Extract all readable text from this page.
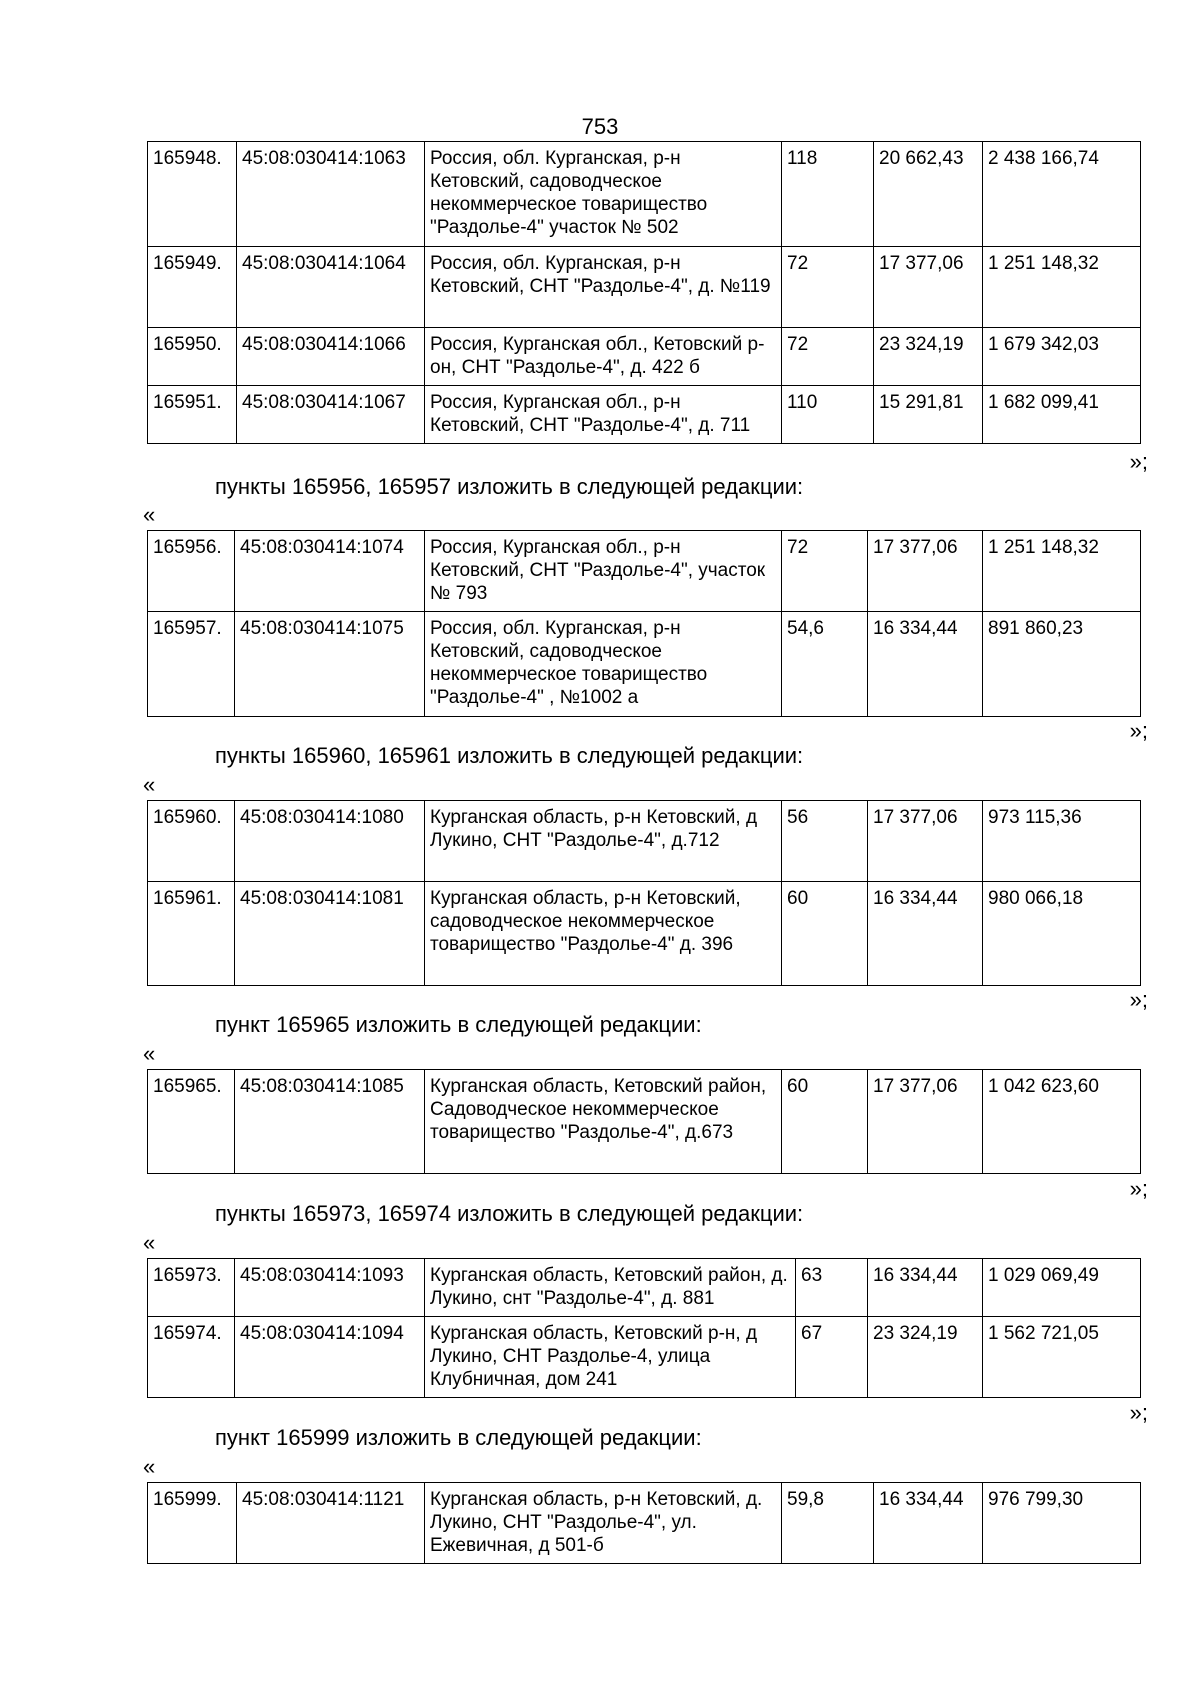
753
165948.	45:08:030414:1063	Россия, обл. Курганская, р-н Кетовский, садоводческое некоммерческое товарищество "Раздолье-4" участок № 502	118	20 662,43	2 438 166,74
165949.	45:08:030414:1064	Россия, обл. Курганская, р-н Кетовский, СНТ "Раздолье-4", д. №119	72	17 377,06	1 251 148,32
165950.	45:08:030414:1066	Россия, Курганская обл., Кетовский р-он, СНТ "Раздолье-4", д. 422 б	72	23 324,19	1 679 342,03
165951.	45:08:030414:1067	Россия, Курганская обл., р-н Кетовский, СНТ "Раздолье-4", д. 711	110	15 291,81	1 682 099,41
»;
пункты 165956, 165957 изложить в следующей редакции:
«
165956.	45:08:030414:1074	Россия, Курганская обл., р-н Кетовский, СНТ "Раздолье-4", участок № 793	72	17 377,06	1 251 148,32
165957.	45:08:030414:1075	Россия, обл. Курганская, р-н Кетовский, садоводческое некоммерческое товарищество "Раздолье-4" , №1002 а	54,6	16 334,44	891 860,23
»;
пункты 165960, 165961 изложить в следующей редакции:
«
165960.	45:08:030414:1080	Курганская область, р-н Кетовский, д Лукино, СНТ "Раздолье-4", д.712	56	17 377,06	973 115,36
165961.	45:08:030414:1081	Курганская область, р-н Кетовский, садоводческое некоммерческое товарищество "Раздолье-4" д. 396	60	16 334,44	980 066,18
»;
пункт 165965 изложить в следующей редакции:
«
165965.	45:08:030414:1085	Курганская область, Кетовский район, Садоводческое некоммерческое товарищество "Раздолье-4", д.673	60	17 377,06	1 042 623,60
»;
пункты 165973, 165974 изложить в следующей редакции:
«
165973.	45:08:030414:1093	Курганская область, Кетовский район, д. Лукино, снт "Раздолье-4", д. 881	63	16 334,44	1 029 069,49
165974.	45:08:030414:1094	Курганская область, Кетовский р-н, д Лукино, СНТ Раздолье-4, улица Клубничная, дом 241	67	23 324,19	1 562 721,05
»;
пункт 165999 изложить в следующей редакции:
«
165999.	45:08:030414:1121	Курганская область, р-н Кетовский, д. Лукино, СНТ "Раздолье-4", ул. Ежевичная, д 501-б	59,8	16 334,44	976 799,30
